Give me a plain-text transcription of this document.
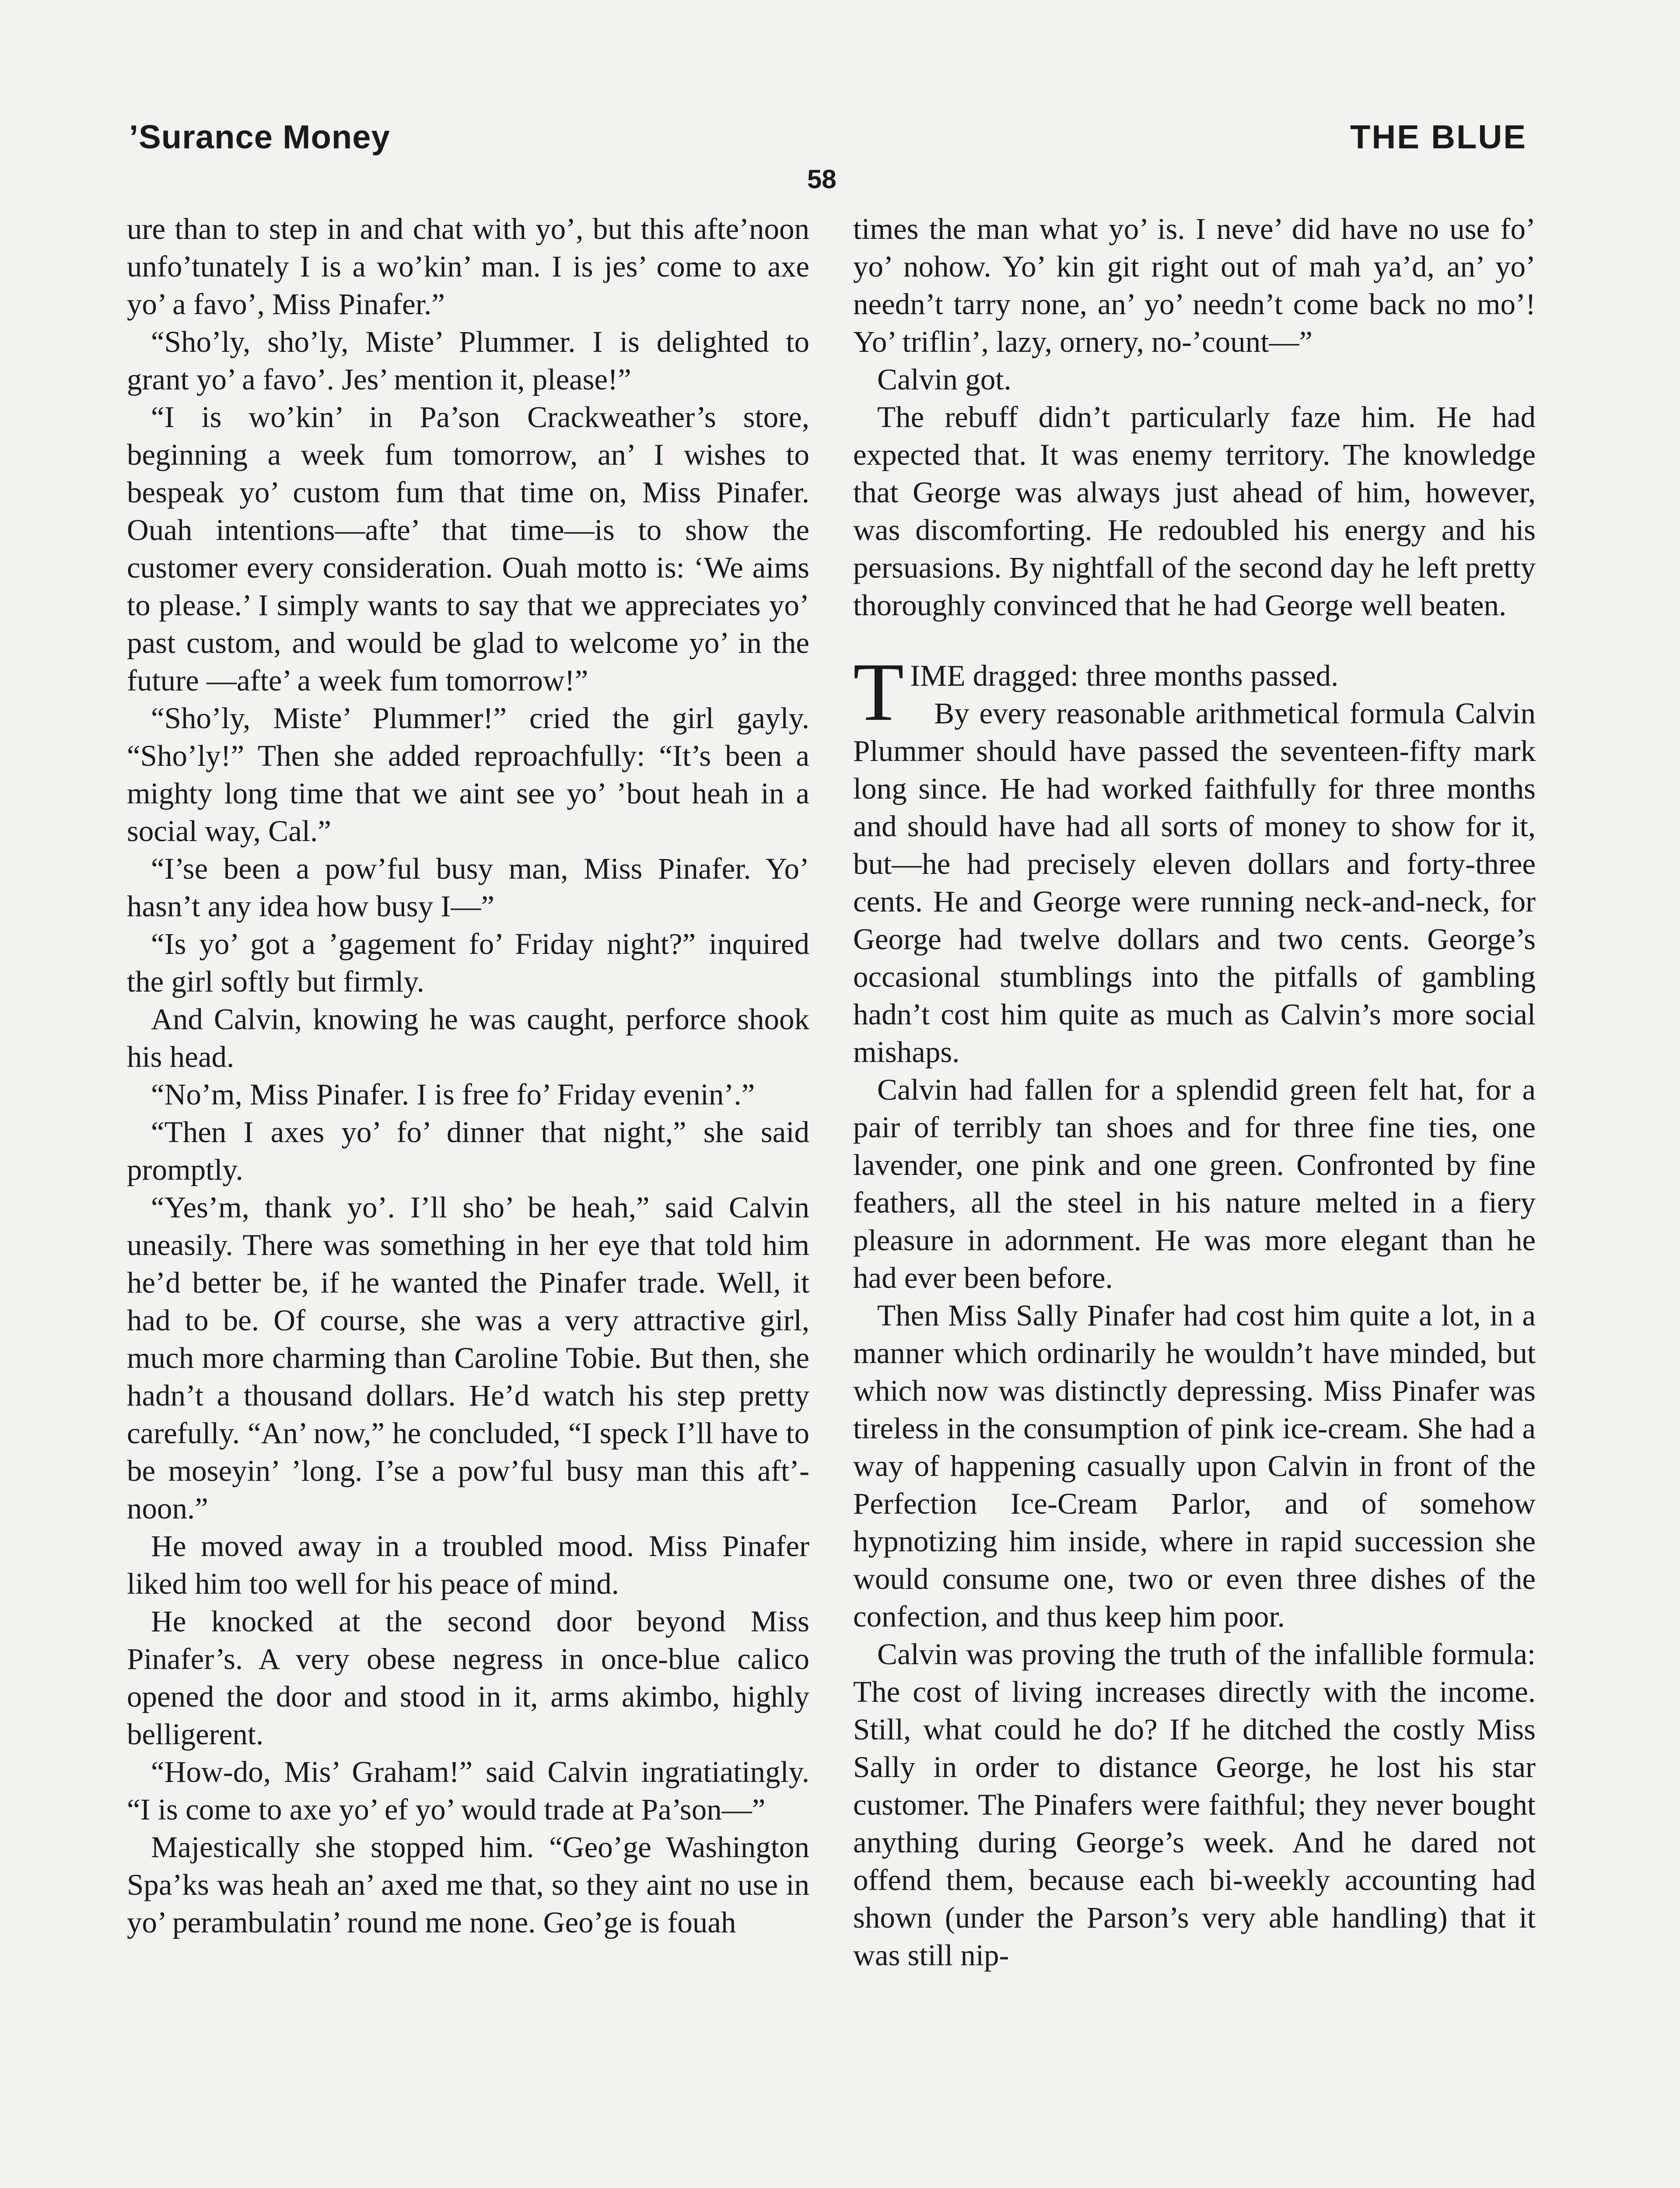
’Surance Money	THE BLUE
58

ure than to step in and chat with yo’, but this afte’noon unfo’tunately I is a wo’kin’ man. I is jes’ come to axe yo’ a favo’, Miss Pinafer.”

“Sho’ly, sho’ly, Miste’ Plummer. I is delighted to grant yo’ a favo’. Jes’ mention it, please!”

“I is wo’kin’ in Pa’son Crackweather’s store, beginning a week fum tomorrow, an’ I wishes to bespeak yo’ custom fum that time on, Miss Pinafer. Ouah intentions—afte’ that time—is to show the customer every consideration. Ouah motto is: ‘We aims to please.’ I simply wants to say that we appreciates yo’ past custom, and would be glad to welcome yo’ in the future —afte’ a week fum tomorrow!”

“Sho’ly, Miste’ Plummer!” cried the girl gayly. “Sho’ly!” Then she added reproachfully: “It’s been a mighty long time that we aint see yo’ ’bout heah in a social way, Cal.”

“I’se been a pow’ful busy man, Miss Pinafer. Yo’ hasn’t any idea how busy I—”

“Is yo’ got a ’gagement fo’ Friday night?” inquired the girl softly but firmly.

And Calvin, knowing he was caught, perforce shook his head.

“No’m, Miss Pinafer. I is free fo’ Friday evenin’.”

“Then I axes yo’ fo’ dinner that night,” she said promptly.

“Yes’m, thank yo’. I’ll sho’ be heah,” said Calvin uneasily. There was something in her eye that told him he’d better be, if he wanted the Pinafer trade. Well, it had to be. Of course, she was a very attractive girl, much more charming than Caroline Tobie. But then, she hadn’t a thousand dollars. He’d watch his step pretty carefully. “An’ now,” he concluded, “I speck I’ll have to be moseyin’ ’long. I’se a pow’ful busy man this aft’-noon.”

He moved away in a troubled mood. Miss Pinafer liked him too well for his peace of mind.

He knocked at the second door beyond Miss Pinafer’s. A very obese negress in once-blue calico opened the door and stood in it, arms akimbo, highly belligerent.

“How-do, Mis’ Graham!” said Calvin ingratiatingly. “I is come to axe yo’ ef yo’ would trade at Pa’son—”

Majestically she stopped him. “Geo’ge Washington Spa’ks was heah an’ axed me that, so they aint no use in yo’ perambulatin’ round me none. Geo’ge is fouah

times the man what yo’ is. I neve’ did have no use fo’ yo’ nohow. Yo’ kin git right out of mah ya’d, an’ yo’ needn’t tarry none, an’ yo’ needn’t come back no mo’! Yo’ triflin’, lazy, ornery, no-’count—”

Calvin got.

The rebuff didn’t particularly faze him. He had expected that. It was enemy territory. The knowledge that George was always just ahead of him, however, was discomforting. He redoubled his energy and his persuasions. By nightfall of the second day he left pretty thoroughly convinced that he had George well beaten.

TIME dragged: three months passed.

By every reasonable arithmetical formula Calvin Plummer should have passed the seventeen-fifty mark long since. He had worked faithfully for three months and should have had all sorts of money to show for it, but—he had precisely eleven dollars and forty-three cents. He and George were running neck-and-neck, for George had twelve dollars and two cents. George’s occasional stumblings into the pitfalls of gambling hadn’t cost him quite as much as Calvin’s more social mishaps.

Calvin had fallen for a splendid green felt hat, for a pair of terribly tan shoes and for three fine ties, one lavender, one pink and one green. Confronted by fine feathers, all the steel in his nature melted in a fiery pleasure in adornment. He was more elegant than he had ever been before.

Then Miss Sally Pinafer had cost him quite a lot, in a manner which ordinarily he wouldn’t have minded, but which now was distinctly depressing. Miss Pinafer was tireless in the consumption of pink ice-cream. She had a way of happening casually upon Calvin in front of the Perfection Ice-Cream Parlor, and of somehow hypnotizing him inside, where in rapid succession she would consume one, two or even three dishes of the confection, and thus keep him poor.

Calvin was proving the truth of the infallible formula: The cost of living increases directly with the income. Still, what could he do? If he ditched the costly Miss Sally in order to distance George, he lost his star customer. The Pinafers were faithful; they never bought anything during George’s week. And he dared not offend them, because each bi-weekly accounting had shown (under the Parson’s very able handling) that it was still nip-
